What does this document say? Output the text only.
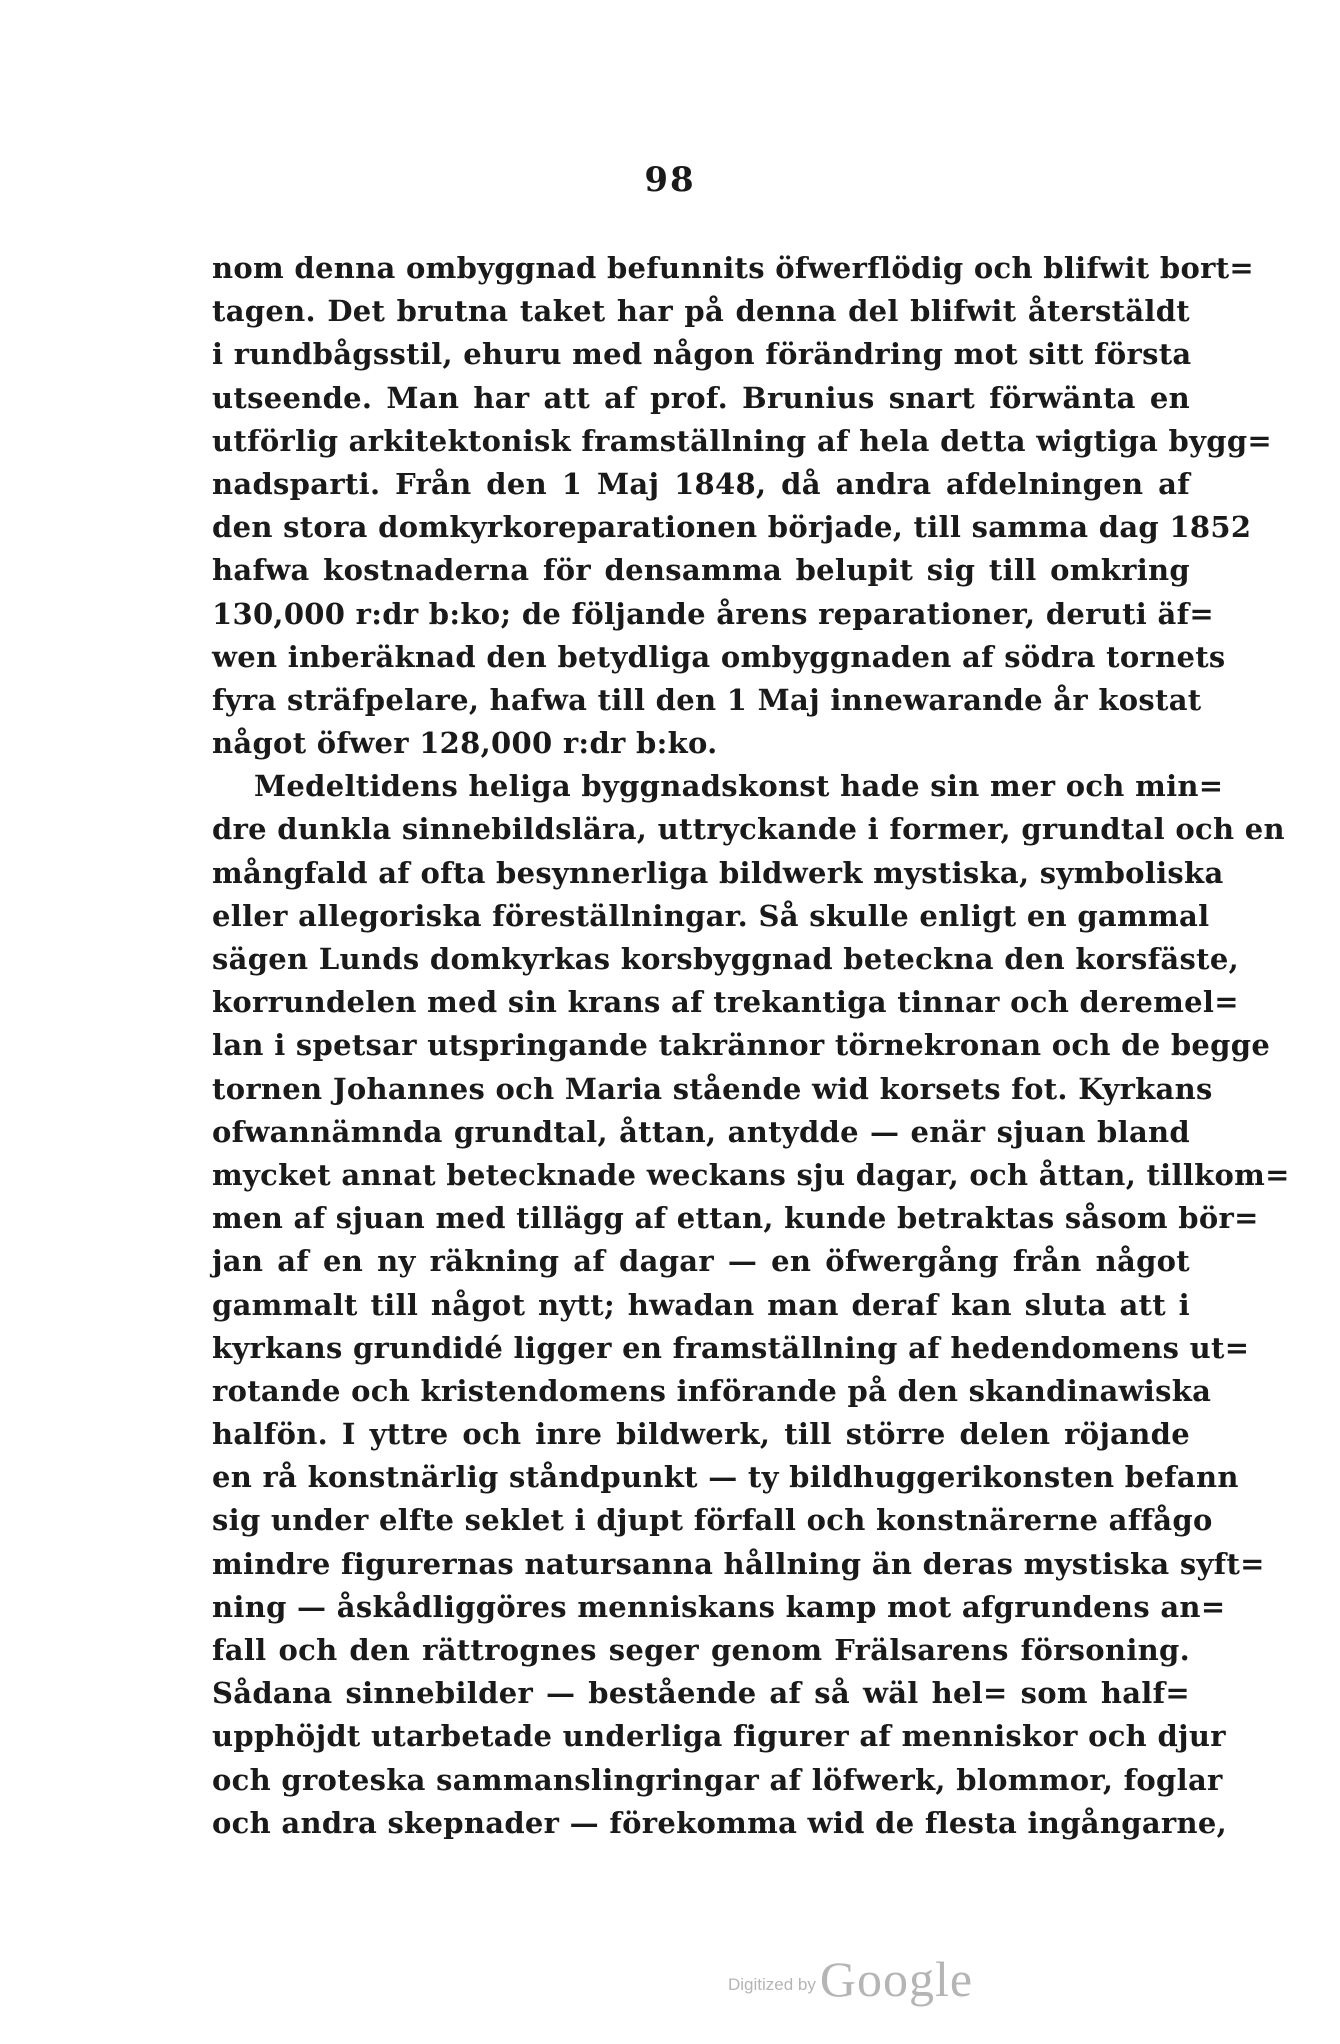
98
nom denna ombyggnad befunnits öfwerflödig och blifwit bort=
tagen. Det brutna taket har på denna del blifwit återstäldt
i rundbågsstil, ehuru med någon förändring mot sitt första
utseende. Man har att af prof. Brunius snart förwänta en
utförlig arkitektonisk framställning af hela detta wigtiga bygg=
nadsparti. Från den 1 Maj 1848, då andra afdelningen af
den stora domkyrkoreparationen började, till samma dag 1852
hafwa kostnaderna för densamma belupit sig till omkring
130,000 r:dr b:ko; de följande årens reparationer, deruti äf=
wen inberäknad den betydliga ombyggnaden af södra tornets
fyra sträfpelare, hafwa till den 1 Maj innewarande år kostat
något öfwer 128,000 r:dr b:ko.
Medeltidens heliga byggnadskonst hade sin mer och min=
dre dunkla sinnebildslära, uttryckande i former, grundtal och en
mångfald af ofta besynnerliga bildwerk mystiska, symboliska
eller allegoriska föreställningar. Så skulle enligt en gammal
sägen Lunds domkyrkas korsbyggnad beteckna den korsfäste,
korrundelen med sin krans af trekantiga tinnar och deremel=
lan i spetsar utspringande takrännor törnekronan och de begge
tornen Johannes och Maria stående wid korsets fot. Kyrkans
ofwannämnda grundtal, åttan, antydde — enär sjuan bland
mycket annat betecknade weckans sju dagar, och åttan, tillkom=
men af sjuan med tillägg af ettan, kunde betraktas såsom bör=
jan af en ny räkning af dagar — en öfwergång från något
gammalt till något nytt; hwadan man deraf kan sluta att i
kyrkans grundidé ligger en framställning af hedendomens ut=
rotande och kristendomens införande på den skandinawiska
halfön. I yttre och inre bildwerk, till större delen röjande
en rå konstnärlig ståndpunkt — ty bildhuggerikonsten befann
sig under elfte seklet i djupt förfall och konstnärerne affågo
mindre figurernas natursanna hållning än deras mystiska syft=
ning — åskådliggöres menniskans kamp mot afgrundens an=
fall och den rättrognes seger genom Frälsarens försoning.
Sådana sinnebilder — bestående af så wäl hel= som half=
upphöjdt utarbetade underliga figurer af menniskor och djur
och groteska sammanslingringar af löfwerk, blommor, foglar
och andra skepnader — förekomma wid de flesta ingångarne,
Digitized by Google
